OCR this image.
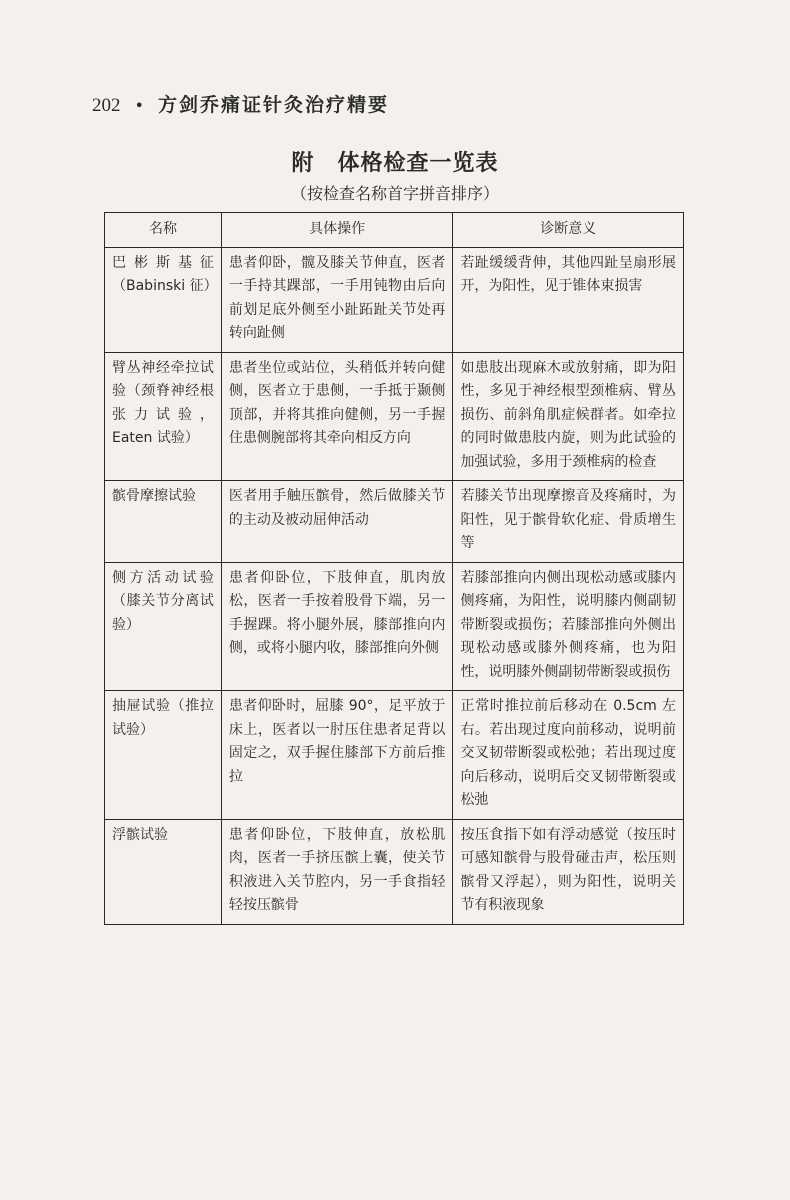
202 • 方剑乔痛证针灸治疗精要
附　体格检查一览表
（按检查名称首字拼音排序）
名称	具体操作	诊断意义
巴彬斯基征（Babinski 征）	患者仰卧，髋及膝关节伸直，医者一手持其踝部，一手用钝物由后向前划足底外侧至小趾跖趾关节处再转向趾侧	若趾缓缓背伸，其他四趾呈扇形展开，为阳性，见于锥体束损害
臂丛神经牵拉试验（颈脊神经根张力试验，Eaten 试验）	患者坐位或站位，头稍低并转向健侧，医者立于患侧，一手抵于颞侧顶部，并将其推向健侧，另一手握住患侧腕部将其牵向相反方向	如患肢出现麻木或放射痛，即为阳性，多见于神经根型颈椎病、臂丛损伤、前斜角肌症候群者。如牵拉的同时做患肢内旋，则为此试验的加强试验，多用于颈椎病的检查
髌骨摩擦试验	医者用手触压髌骨，然后做膝关节的主动及被动屈伸活动	若膝关节出现摩擦音及疼痛时，为阳性，见于髌骨软化症、骨质增生等
侧方活动试验（膝关节分离试验）	患者仰卧位，下肢伸直，肌肉放松，医者一手按着股骨下端，另一手握踝。将小腿外展，膝部推向内侧，或将小腿内收，膝部推向外侧	若膝部推向内侧出现松动感或膝内侧疼痛，为阳性，说明膝内侧副韧带断裂或损伤；若膝部推向外侧出现松动感或膝外侧疼痛，也为阳性，说明膝外侧副韧带断裂或损伤
抽屉试验（推拉试验）	患者仰卧时，屈膝 90°，足平放于床上，医者以一肘压住患者足背以固定之，双手握住膝部下方前后推拉	正常时推拉前后移动在 0.5cm 左右。若出现过度向前移动，说明前交叉韧带断裂或松弛；若出现过度向后移动，说明后交叉韧带断裂或松弛
浮髌试验	患者仰卧位，下肢伸直，放松肌肉，医者一手挤压髌上囊，使关节积液进入关节腔内，另一手食指轻轻按压髌骨	按压食指下如有浮动感觉（按压时可感知髌骨与股骨碰击声，松压则髌骨又浮起），则为阳性，说明关节有积液现象
